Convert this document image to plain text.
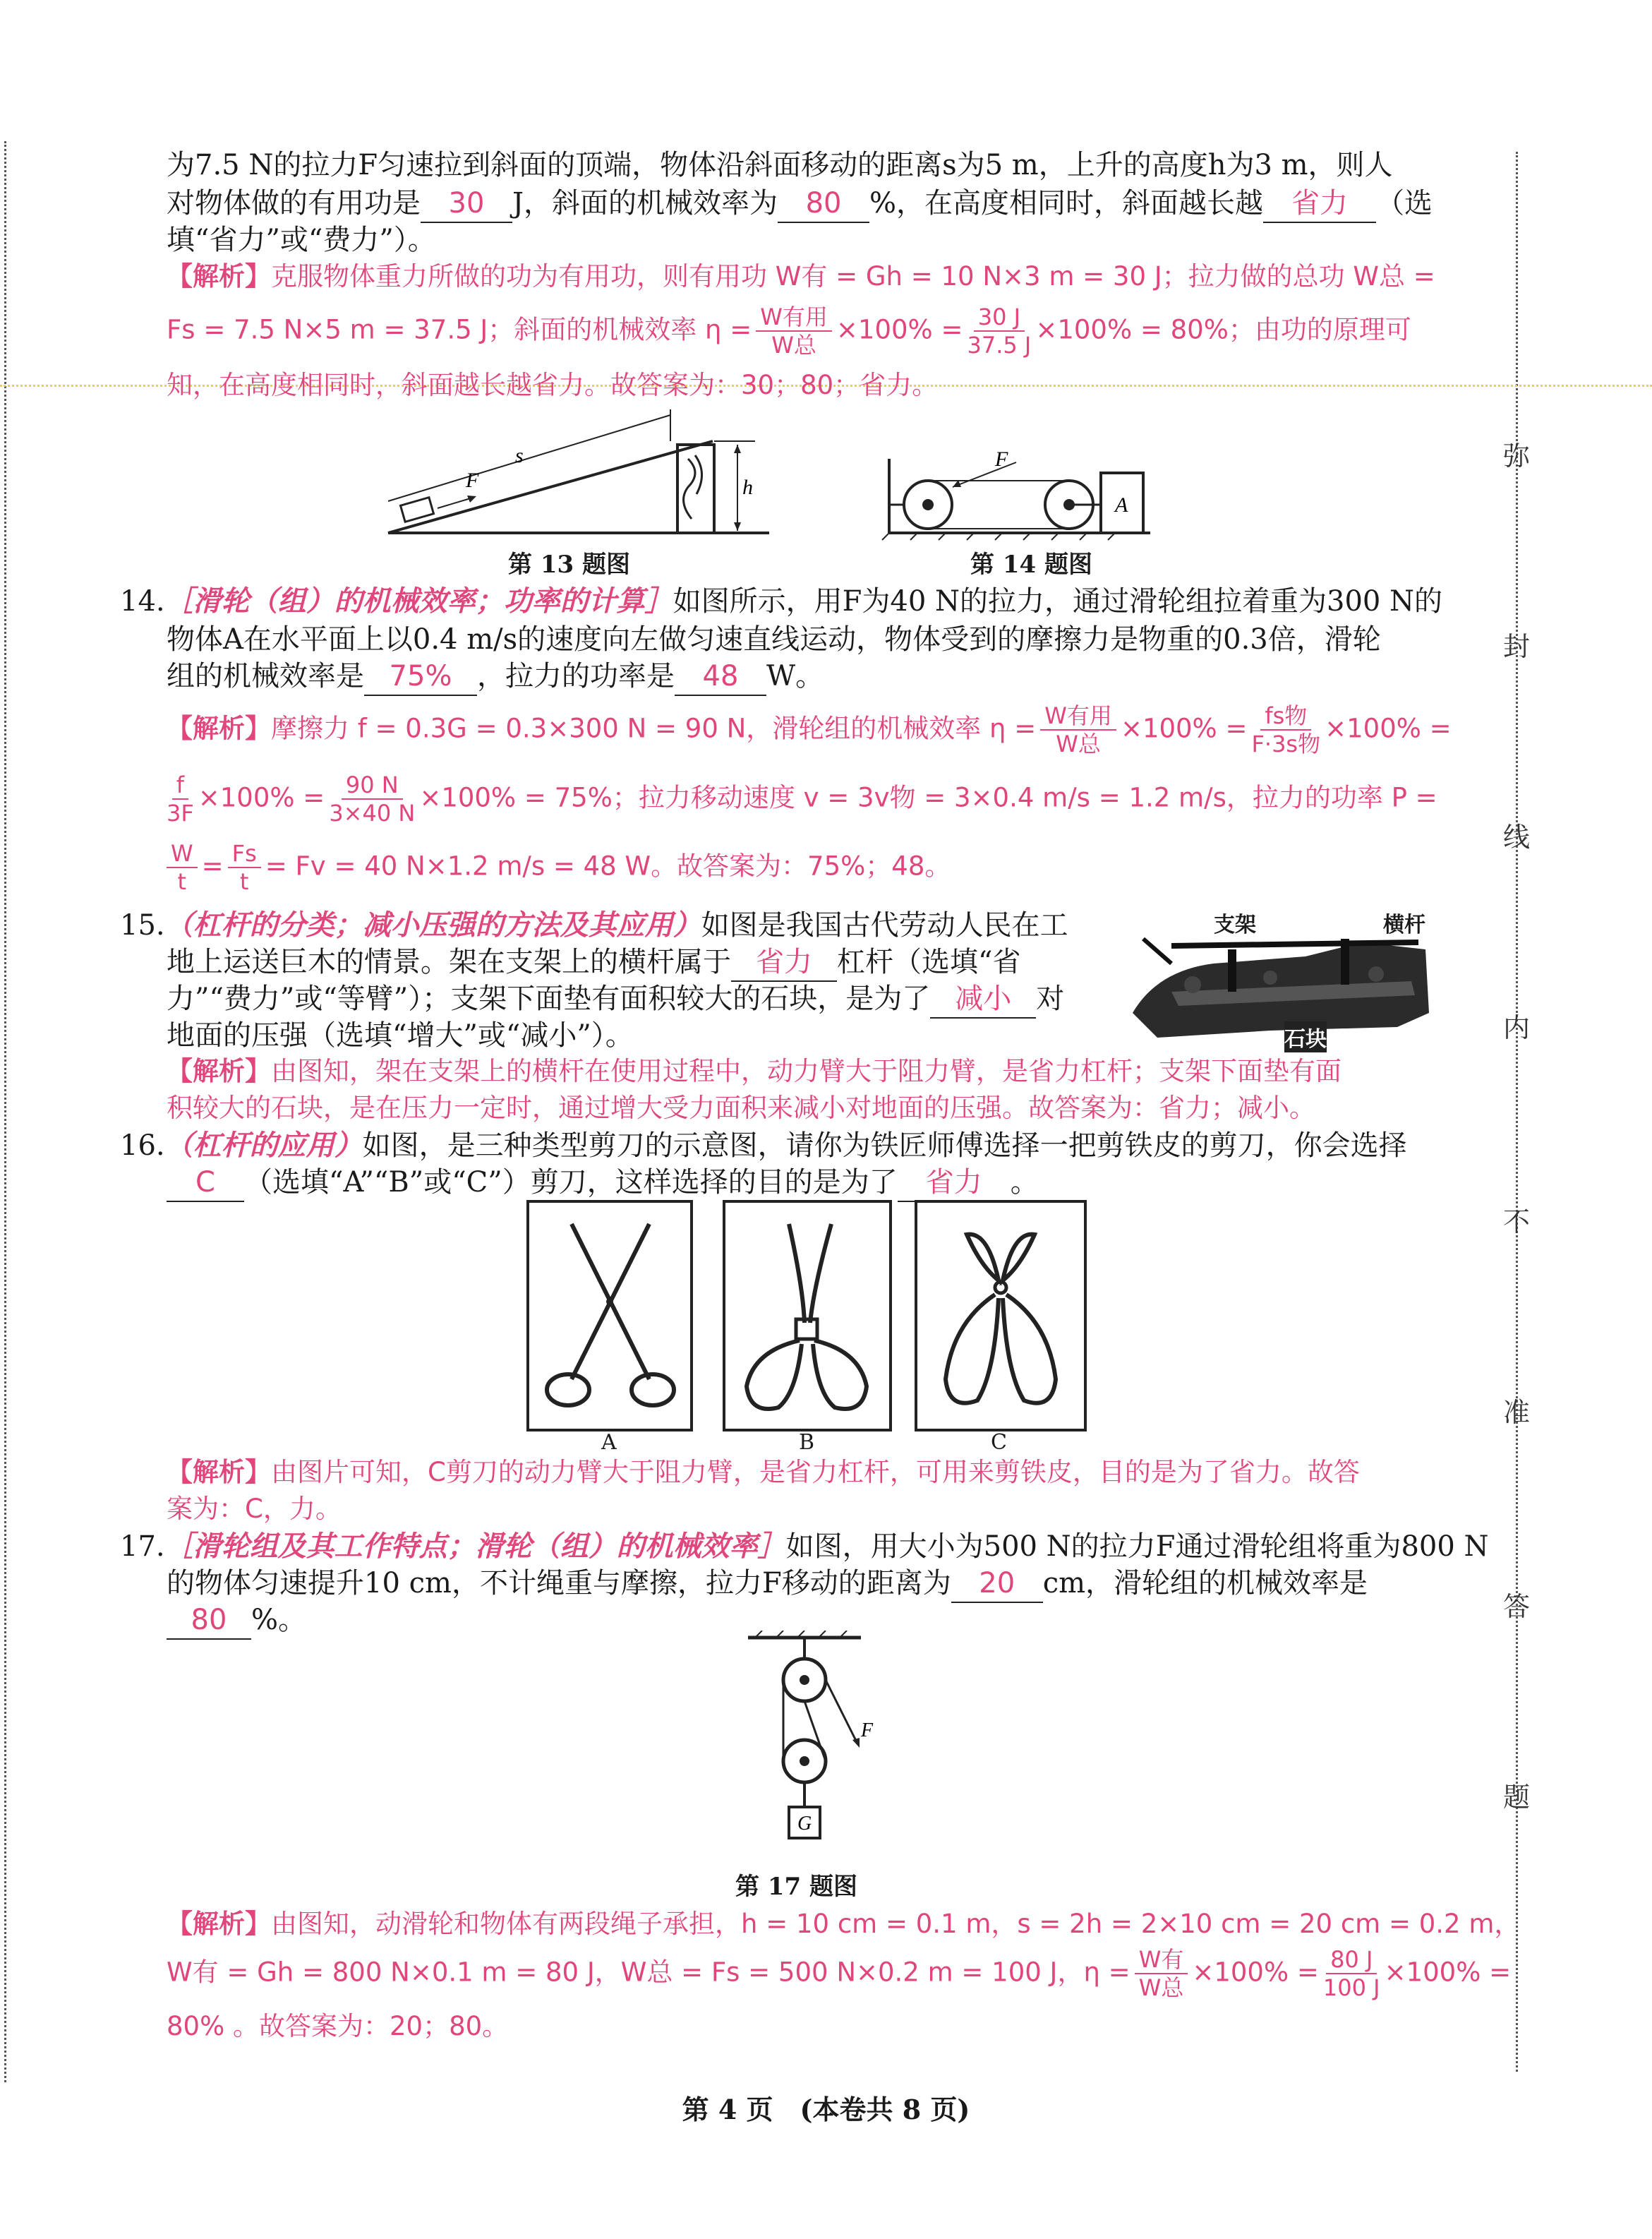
弥
封
线
内
不
准
答
题
为7.5 N的拉力F匀速拉到斜面的顶端，物体沿斜面移动的距离s为5 m，上升的高度h为3 m，则人
对物体做的有用功是 30 J，斜面的机械效率为 80 %，在高度相同时，斜面越长越 省力 （选
填“省力”或“费力”）。
【解析】克服物体重力所做的功为有用功，则有用功 W有 = Gh = 10 N×3 m = 30 J；拉力做的总功 W总 =
Fs = 7.5 N×5 m = 37.5 J；斜面的机械效率 $\eta = \frac{\text{W有用}}{\text{W总}} \times 100\% = \frac{30 J}{37.5 J} \times 100\% = 80\%$；由功的原理可
知，在高度相同时，斜面越长越省力。故答案为：30；80；省力。
s
F	h
第 13 题图
F
A
第 14 题图
14.［滑轮（组）的机械效率；功率的计算］如图所示，用F为40 N的拉力，通过滑轮组拉着重为300 N的
物体A在水平面上以0.4 m/s的速度向左做匀速直线运动，物体受到的摩擦力是物重的0.3倍，滑轮
组的机械效率是 75% ，拉力的功率是 48 W。
【解析】摩擦力 f = 0.3G = 0.3×300 N = 90 N，滑轮组的机械效率 $\eta = \frac{\text{W有用}}{\text{W总}} \times 100\% = \frac{\text{fs物}}{\text{F·3s物}} \times 100\%$ =
$\frac{f}{3F} \times 100\% = \frac{90 N}{3\times 40 N} \times 100\% = 75\%$；拉力移动速度 v = 3v物 = 3×0.4 m/s = 1.2 m/s，拉力的功率 P =
$\frac{W}{t} = \frac{Fs}{t} = Fv = 40$ N×1.2 m/s = 48 W。故答案为：75%；48。
15.（杠杆的分类；减小压强的方法及其应用）如图是我国古代劳动人民在工
地上运送巨木的情景。架在支架上的横杆属于 省力 杠杆（选填“省
力”“费力”或“等臂”）；支架下面垫有面积较大的石块，是为了 减小 对
地面的压强（选填“增大”或“减小”）。
支架	横杆
石块
【解析】由图知，架在支架上的横杆在使用过程中，动力臂大于阻力臂，是省力杠杆；支架下面垫有面
积较大的石块，是在压力一定时，通过增大受力面积来减小对地面的压强。故答案为：省力；减小。
16.（杠杆的应用）如图，是三种类型剪刀的示意图，请你为铁匠师傅选择一把剪铁皮的剪刀，你会选择
C （选填“A”“B”或“C”）剪刀，这样选择的目的是为了 省力 。
A	B	C
【解析】由图片可知，C剪刀的动力臂大于阻力臂，是省力杠杆，可用来剪铁皮，目的是为了省力。故答
案为：C，力。
17.［滑轮组及其工作特点；滑轮（组）的机械效率］如图，用大小为500 N的拉力F通过滑轮组将重为800 N
的物体匀速提升10 cm，不计绳重与摩擦，拉力F移动的距离为 20 cm，滑轮组的机械效率是
80 %。
F
G
第 17 题图
【解析】由图知，动滑轮和物体有两段绳子承担，h = 10 cm = 0.1 m，s = 2h = 2×10 cm = 20 cm = 0.2 m，
W有 = Gh = 800 N×0.1 m = 80 J，W总 = Fs = 500 N×0.2 m = 100 J，$\eta = \frac{\text{W有}}{\text{W总}} \times 100\% = \frac{80 J}{100 J} \times 100\%$ =
80% 。故答案为：20；80。
第 4 页　(本卷共 8 页)
